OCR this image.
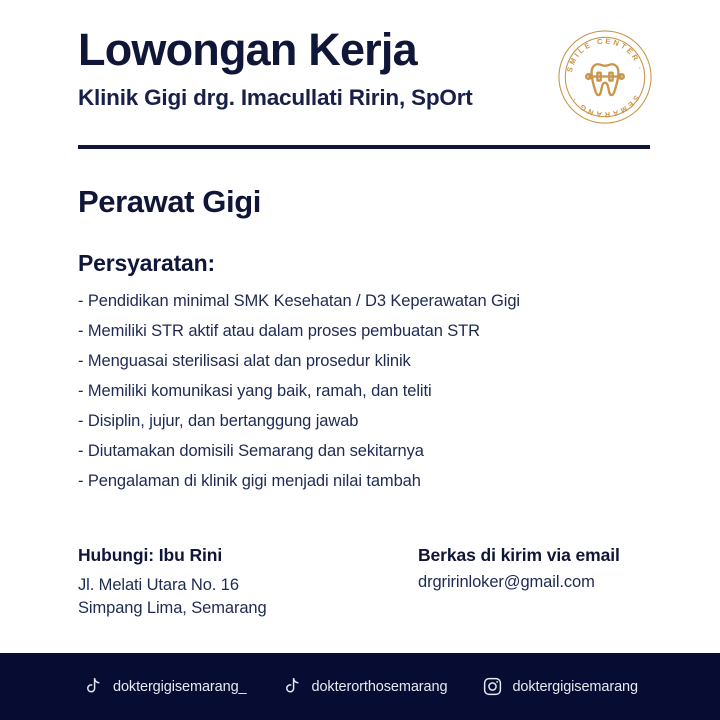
Lowongan Kerja
Klinik Gigi drg. Imacullati Ririn, SpOrt
SMILE CENTER ·
SEMARANG ·
Perawat Gigi
Persyaratan:
- Pendidikan minimal SMK Kesehatan / D3 Keperawatan Gigi
- Memiliki STR aktif atau dalam proses pembuatan STR
- Menguasai sterilisasi alat dan prosedur klinik
- Memiliki komunikasi yang baik, ramah, dan teliti
- Disiplin, jujur, dan bertanggung jawab
- Diutamakan domisili Semarang dan sekitarnya
- Pengalaman di klinik gigi menjadi nilai tambah
Hubungi: Ibu Rini
Jl. Melati Utara No. 16
Simpang Lima, Semarang
Berkas di kirim via email
drgririnloker@gmail.com
doktergigisemarang_	dokterorthosemarang	doktergigisemarang
